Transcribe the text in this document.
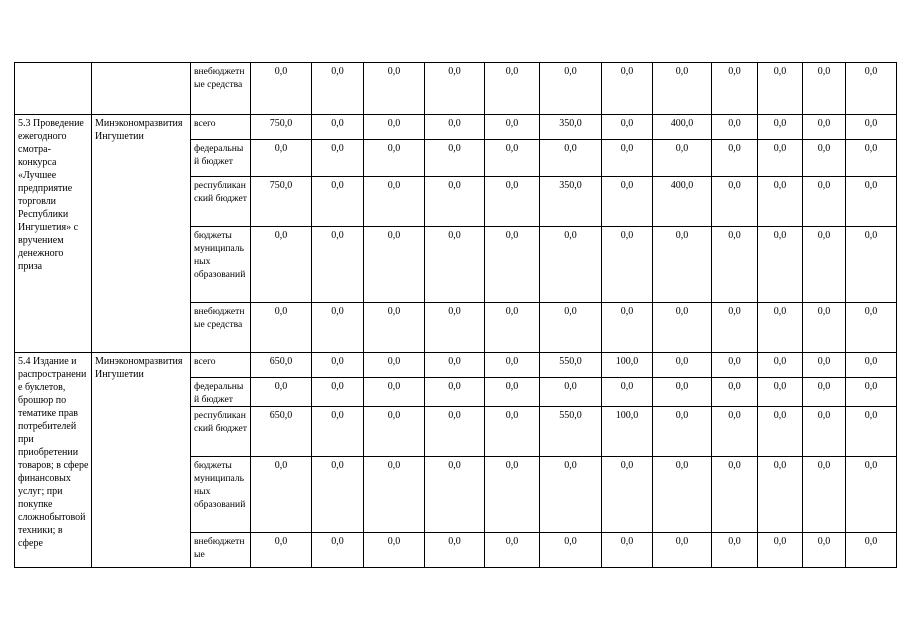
		внебюджетные средства	0,0	0,0	0,0	0,0	0,0	0,0	0,0	0,0	0,0	0,0	0,0	0,0
5.3 Проведение ежегодного смотра-конкурса «Лучшее предприятие торговли Республики Ингушетия» с вручением денежного приза	Минэкономразвития Ингушетии	всего	750,0	0,0	0,0	0,0	0,0	350,0	0,0	400,0	0,0	0,0	0,0	0,0
		федеральный бюджет	0,0	0,0	0,0	0,0	0,0	0,0	0,0	0,0	0,0	0,0	0,0	0,0
		республиканский бюджет	750,0	0,0	0,0	0,0	0,0	350,0	0,0	400,0	0,0	0,0	0,0	0,0
		бюджеты муниципальных образований	0,0	0,0	0,0	0,0	0,0	0,0	0,0	0,0	0,0	0,0	0,0	0,0
		внебюджетные средства	0,0	0,0	0,0	0,0	0,0	0,0	0,0	0,0	0,0	0,0	0,0	0,0
5.4 Издание и распространение буклетов, брошюр по тематике прав потребителей при приобретении товаров; в сфере финансовых услуг; при покупке сложнобытовой техники; в сфере	Минэкономразвития Ингушетии	всего	650,0	0,0	0,0	0,0	0,0	550,0	100,0	0,0	0,0	0,0	0,0	0,0
		федеральный бюджет	0,0	0,0	0,0	0,0	0,0	0,0	0,0	0,0	0,0	0,0	0,0	0,0
		республиканский бюджет	650,0	0,0	0,0	0,0	0,0	550,0	100,0	0,0	0,0	0,0	0,0	0,0
		бюджеты муниципальных образований	0,0	0,0	0,0	0,0	0,0	0,0	0,0	0,0	0,0	0,0	0,0	0,0
		внебюджетные	0,0	0,0	0,0	0,0	0,0	0,0	0,0	0,0	0,0	0,0	0,0	0,0
